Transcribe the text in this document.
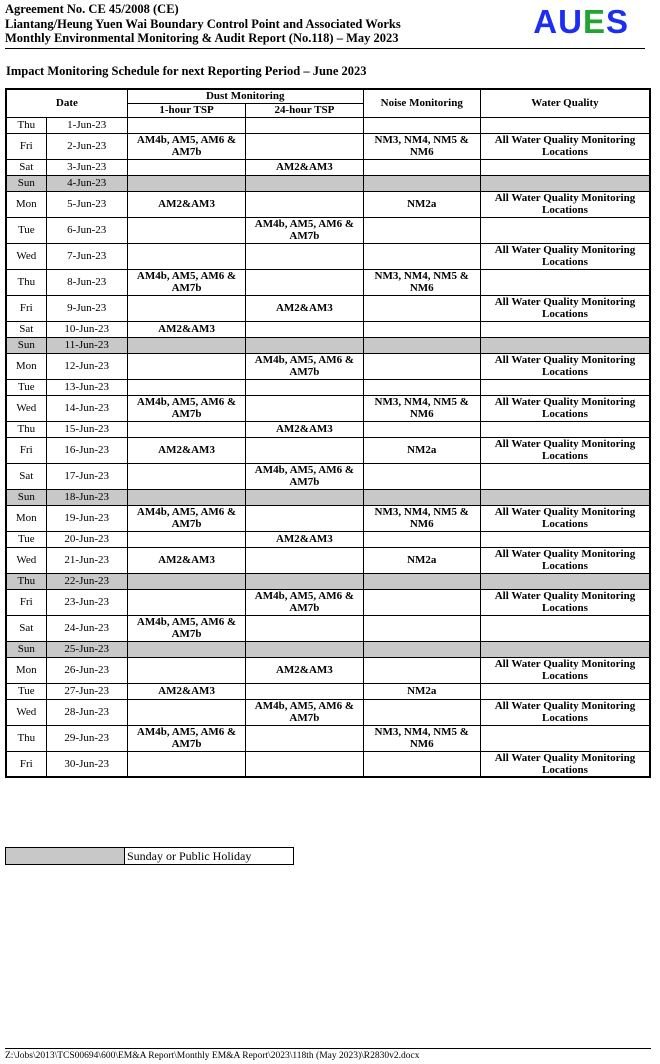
Agreement No. CE 45/2008 (CE)
Liantang/Heung Yuen Wai Boundary Control Point and Associated Works
Monthly Environmental Monitoring & Audit Report (No.118) – May 2023	AUES
Impact Monitoring Schedule for next Reporting Period – June 2023
Date		Dust Monitoring		Noise Monitoring	Water Quality
		1-hour TSP	24-hour TSP		
Thu	1-Jun-23				
Fri	2-Jun-23	AM4b, AM5, AM6 & AM7b		NM3, NM4, NM5 & NM6	All Water Quality Monitoring Locations
Sat	3-Jun-23		AM2&AM3		
Sun	4-Jun-23				
Mon	5-Jun-23	AM2&AM3		NM2a	All Water Quality Monitoring Locations
Tue	6-Jun-23		AM4b, AM5, AM6 & AM7b		
Wed	7-Jun-23				All Water Quality Monitoring Locations
Thu	8-Jun-23	AM4b, AM5, AM6 & AM7b		NM3, NM4, NM5 & NM6	
Fri	9-Jun-23		AM2&AM3		All Water Quality Monitoring Locations
Sat	10-Jun-23	AM2&AM3			
Sun	11-Jun-23				
Mon	12-Jun-23		AM4b, AM5, AM6 & AM7b		All Water Quality Monitoring Locations
Tue	13-Jun-23				
Wed	14-Jun-23	AM4b, AM5, AM6 & AM7b		NM3, NM4, NM5 & NM6	All Water Quality Monitoring Locations
Thu	15-Jun-23		AM2&AM3		
Fri	16-Jun-23	AM2&AM3		NM2a	All Water Quality Monitoring Locations
Sat	17-Jun-23		AM4b, AM5, AM6 & AM7b		
Sun	18-Jun-23				
Mon	19-Jun-23	AM4b, AM5, AM6 & AM7b		NM3, NM4, NM5 & NM6	All Water Quality Monitoring Locations
Tue	20-Jun-23		AM2&AM3		
Wed	21-Jun-23	AM2&AM3		NM2a	All Water Quality Monitoring Locations
Thu	22-Jun-23				
Fri	23-Jun-23		AM4b, AM5, AM6 & AM7b		All Water Quality Monitoring Locations
Sat	24-Jun-23	AM4b, AM5, AM6 & AM7b			
Sun	25-Jun-23				
Mon	26-Jun-23		AM2&AM3		All Water Quality Monitoring Locations
Tue	27-Jun-23	AM2&AM3		NM2a	
Wed	28-Jun-23		AM4b, AM5, AM6 & AM7b		All Water Quality Monitoring Locations
Thu	29-Jun-23	AM4b, AM5, AM6 & AM7b		NM3, NM4, NM5 & NM6	
Fri	30-Jun-23				All Water Quality Monitoring Locations
Sunday or Public Holiday
Z:\Jobs\2013\TCS00694\600\EM&A Report\Monthly EM&A Report\2023\118th (May 2023)\R2830v2.docx
